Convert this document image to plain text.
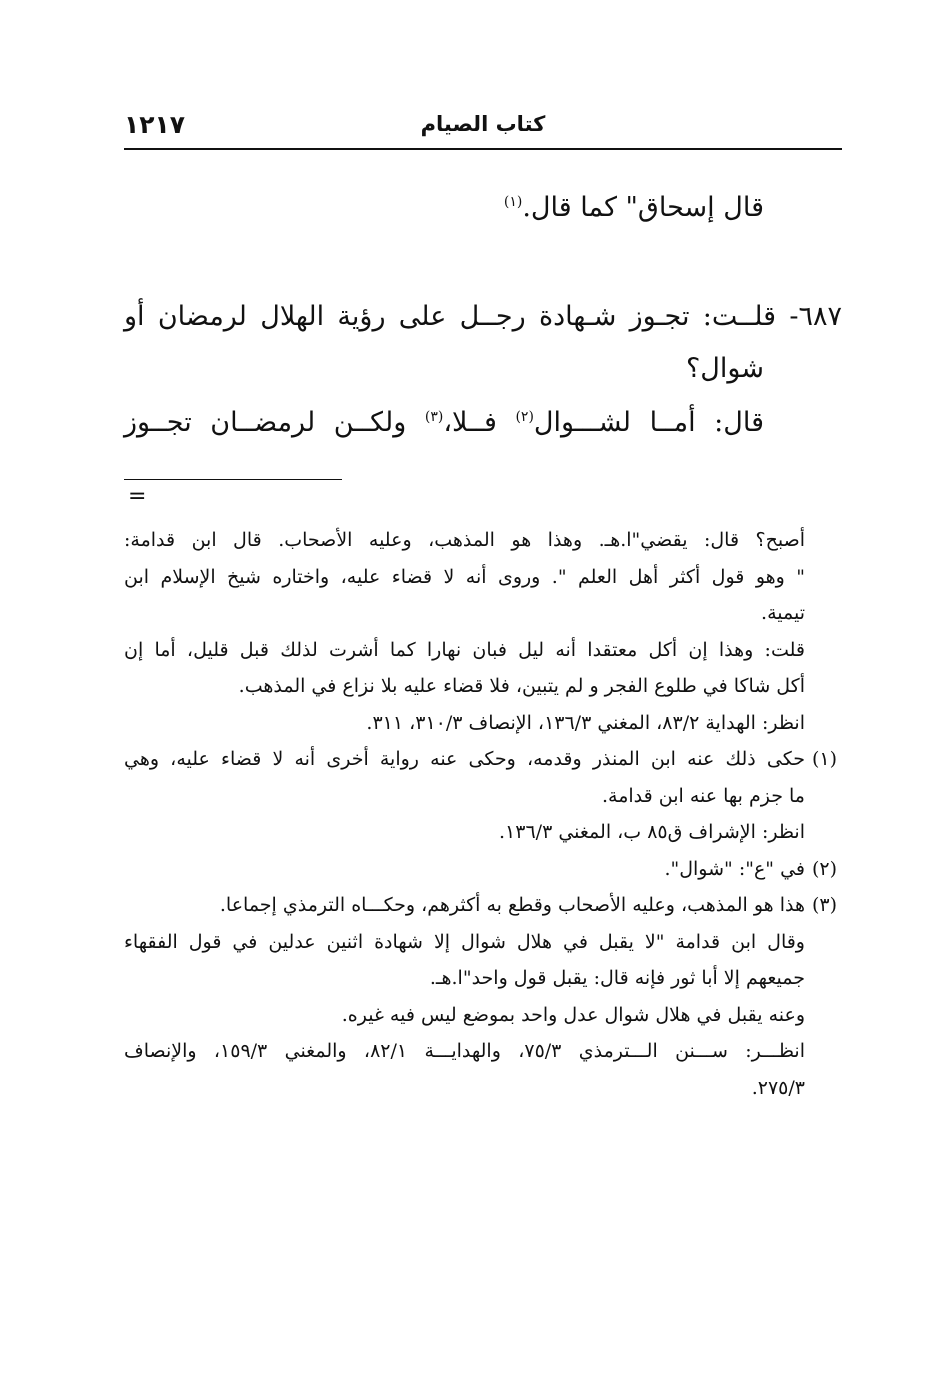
كتاب الصيام
١٢١٧

قال إسحاق" كما قال.$^{(١)}$

٦٨٧- قلــت: تجـوز شـهادة رجــل على رؤية الهلال لرمضان أو

شوال؟

قال: أمــا لشـــوال$^{(٢)}$ فــلا،$^{(٣)}$ ولكــن لرمضــان تجــوز

=

أصبح؟ قال: يقضي"ا.هـ. وهذا هو المذهب، وعليه الأصحاب. قال ابن قدامة:

" وهو قول أكثر أهل العلم ". وروى أنه لا قضاء عليه، واختاره شيخ الإسلام ابن

تيمية.

قلت: وهذا إن أكل معتقدا أنه ليل فبان نهارا كما أشرت لذلك قبل قليل، أما إن

أكل شاكا في طلوع الفجر و لم يتبين، فلا قضاء عليه بلا نزاع في المذهب.

انظر: الهداية ٨٣/٢، المغني ١٣٦/٣، الإنصاف ٣١٠/٣، ٣١١.

(١)حكى ذلك عنه ابن المنذر وقدمه، وحكى عنه رواية أخرى أنه لا قضاء عليه، وهي

ما جزم بها عنه ابن قدامة.

انظر: الإشراف ق٨٥ ب، المغني ١٣٦/٣.

(٢)في "ع": "شوال".

(٣)هذا هو المذهب، وعليه الأصحاب وقطع به أكثرهم، وحكـــاه الترمذي إجماعا.

وقال ابن قدامة "لا يقبل في هلال شوال إلا شهادة اثنين عدلين في قول الفقهاء

جميعهم إلا أبا ثور فإنه قال: يقبل قول واحد"ا.هـ.

وعنه يقبل في هلال شوال عدل واحد بموضع ليس فيه غيره.

انظـــر: ســـنن الـــترمذي ٧٥/٣، والهدايـــة ٨٢/١، والمغني ١٥٩/٣، والإنصاف

٢٧٥/٣.
